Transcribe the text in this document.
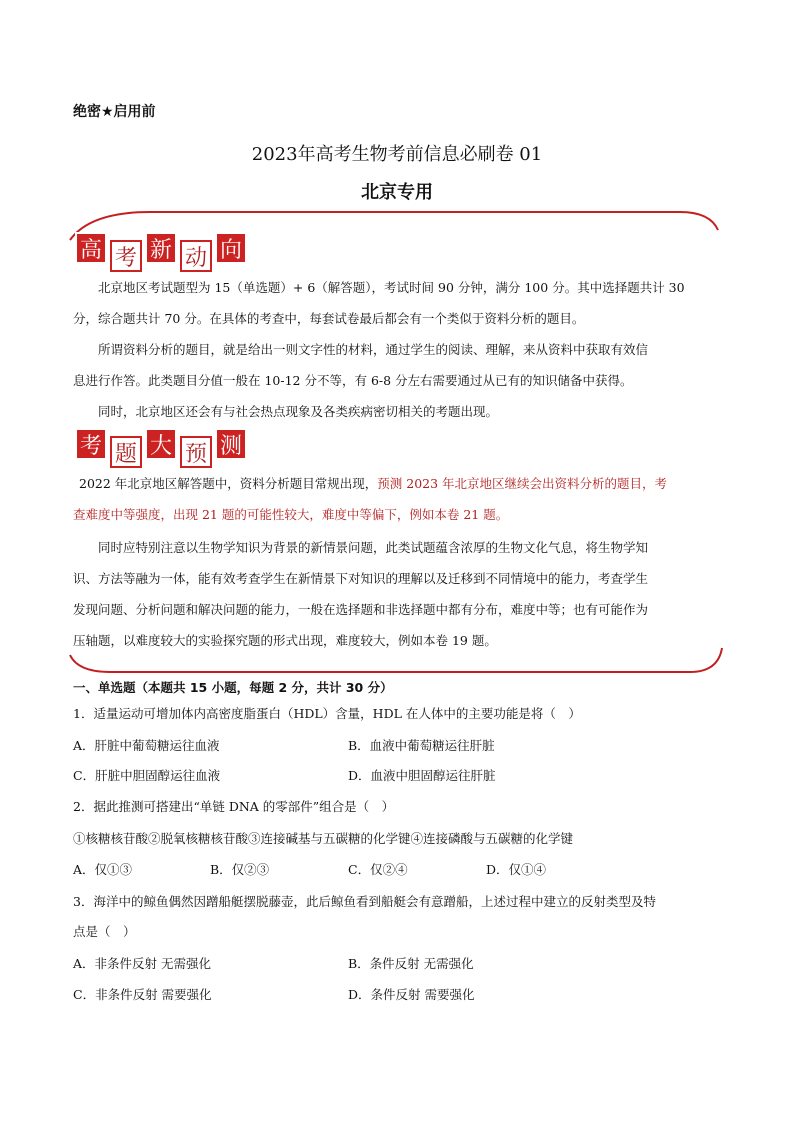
绝密★启用前
2023年高考生物考前信息必刷卷 01
北京专用
高 考 新 动 向
北京地区考试题型为 15（单选题）+ 6（解答题），考试时间 90 分钟，满分 100 分。其中选择题共计 30
分，综合题共计 70 分。在具体的考查中，每套试卷最后都会有一个类似于资料分析的题目。
所谓资料分析的题目，就是给出一则文字性的材料，通过学生的阅读、理解，来从资料中获取有效信
息进行作答。此类题目分值一般在 10-12 分不等，有 6-8 分左右需要通过从已有的知识储备中获得。
同时，北京地区还会有与社会热点现象及各类疾病密切相关的考题出现。
考 题 大 预 测
2022 年北京地区解答题中，资料分析题目常规出现，预测 2023 年北京地区继续会出资料分析的题目，考
查难度中等强度，出现 21 题的可能性较大，难度中等偏下，例如本卷 21 题。
同时应特别注意以生物学知识为背景的新情景问题，此类试题蕴含浓厚的生物文化气息，将生物学知
识、方法等融为一体，能有效考查学生在新情景下对知识的理解以及迁移到不同情境中的能力，考查学生
发现问题、分析问题和解决问题的能力，一般在选择题和非选择题中都有分布，难度中等；也有可能作为
压轴题，以难度较大的实验探究题的形式出现，难度较大，例如本卷 19 题。
一、单选题（本题共 15 小题，每题 2 分，共计 30 分）
1．适量运动可增加体内高密度脂蛋白（HDL）含量，HDL 在人体中的主要功能是将（　）
A．肝脏中葡萄糖运往血液	B．血液中葡萄糖运往肝脏
C．肝脏中胆固醇运往血液	D．血液中胆固醇运往肝脏
2．据此推测可搭建出“单链 DNA 的零部件”组合是（　）
①核糖核苷酸②脱氧核糖核苷酸③连接碱基与五碳糖的化学键④连接磷酸与五碳糖的化学键
A．仅①③	B．仅②③	C．仅②④	D．仅①④
3．海洋中的鲸鱼偶然因蹭船艇摆脱藤壶，此后鲸鱼看到船艇会有意蹭船，上述过程中建立的反射类型及特
点是（　）
A．非条件反射 无需强化	B．条件反射 无需强化
C．非条件反射 需要强化	D．条件反射 需要强化
